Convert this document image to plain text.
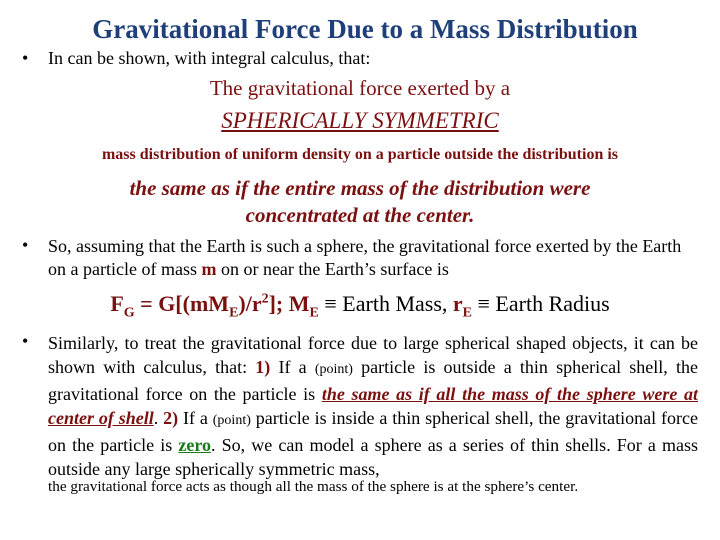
Gravitational Force Due to a Mass Distribution
• In can be shown, with integral calculus, that:
The gravitational force exerted by a
SPHERICALLY SYMMETRIC
mass distribution of uniform density on a particle outside the distribution is
the same as if the entire mass of the distribution were concentrated at the center.
• So, assuming that the Earth is such a sphere, the gravitational force exerted by the Earth on a particle of mass m on or near the Earth’s surface is
$F_G = G[(mM_E)/r^2]$; $M_E$ ≡ Earth Mass, $r_E$ ≡ Earth Radius
• Similarly, to treat the gravitational force due to large spherical shaped objects, it can be shown with calculus, that: 1) If a (point) particle is outside a thin spherical shell, the gravitational force on the particle is the same as if all the mass of the sphere were at center of shell. 2) If a (point) particle is inside a thin spherical shell, the gravitational force on the particle is zero. So, we can model a sphere as a series of thin shells. For a mass outside any large spherically symmetric mass,
the gravitational force acts as though all the mass of the sphere is at the sphere’s center.
